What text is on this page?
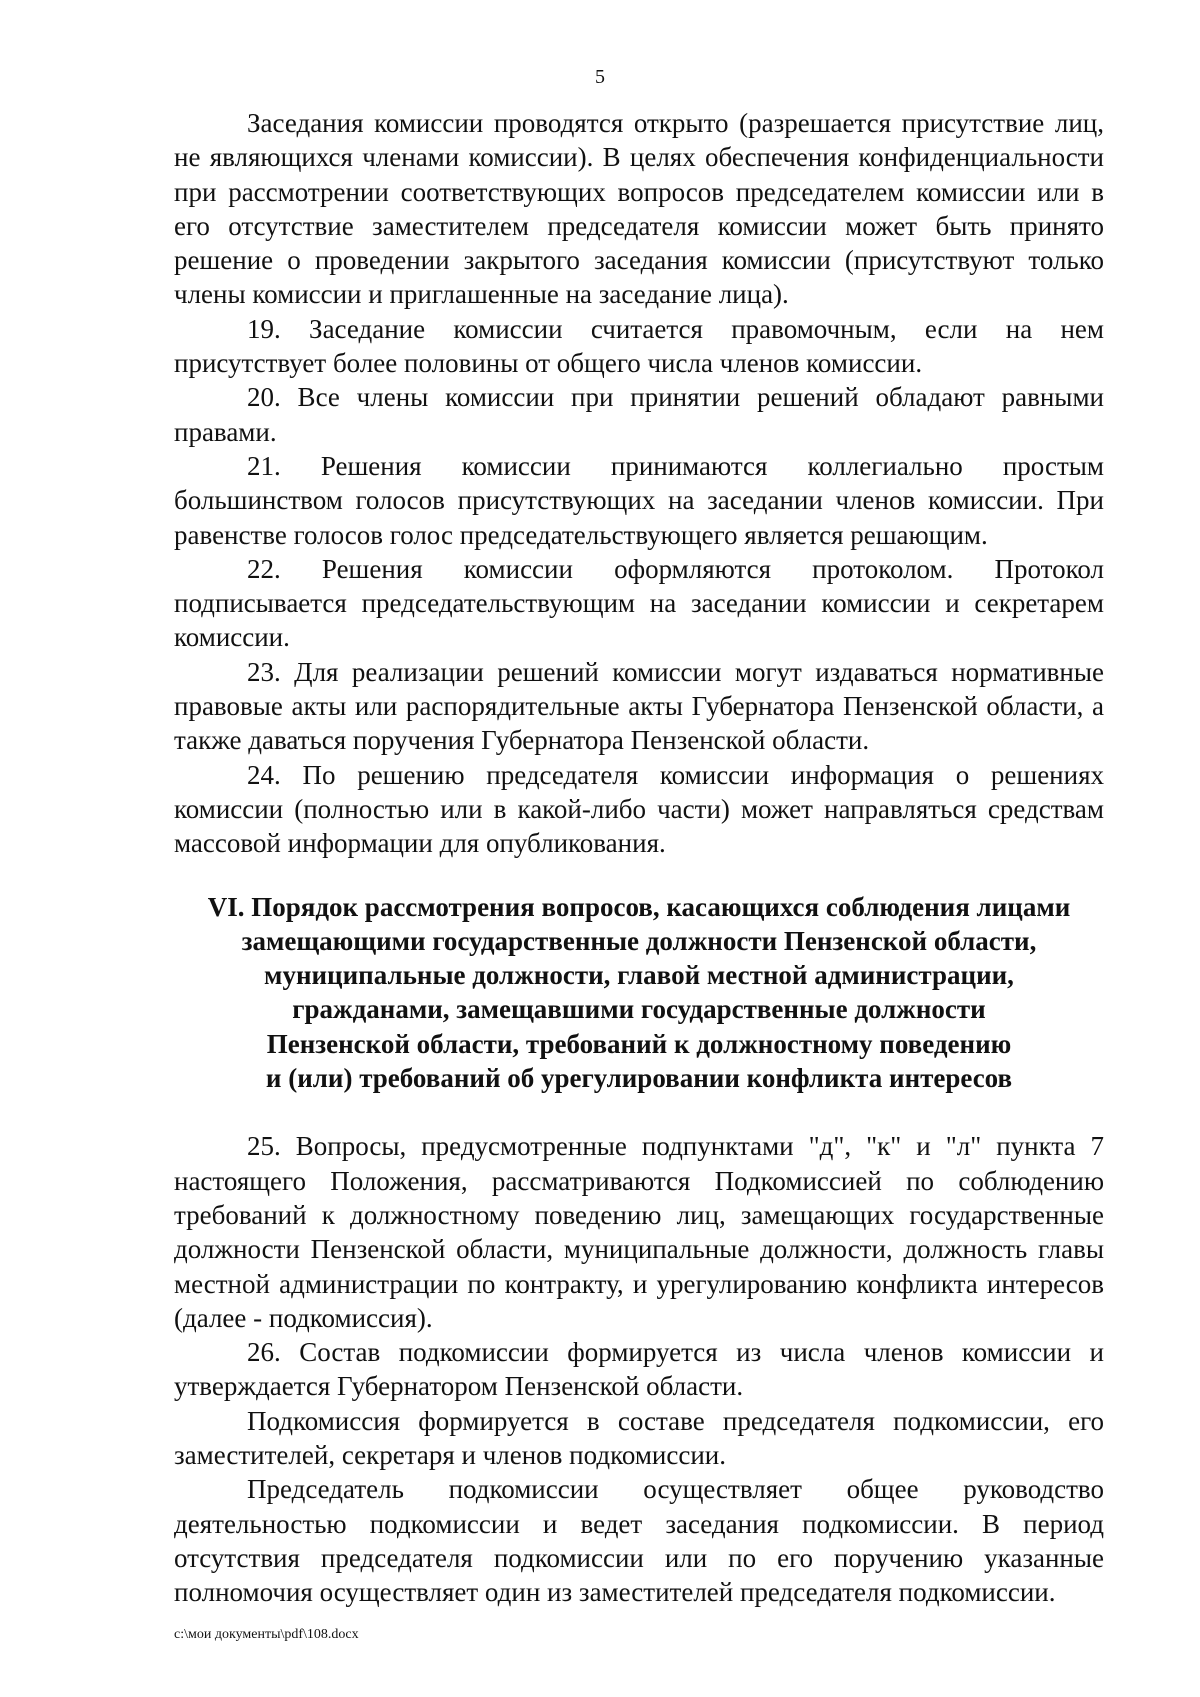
5

Заседания комиссии проводятся открыто (разрешается присутствие лиц, не являющихся членами комиссии). В целях обеспечения конфиденциальности при рассмотрении соответствующих вопросов председателем комиссии или в его отсутствие заместителем председателя комиссии может быть принято решение о проведении закрытого заседания комиссии (присутствуют только члены комиссии и приглашенные на заседание лица).

19. Заседание комиссии считается правомочным, если на нем присутствует более половины от общего числа членов комиссии.

20. Все члены комиссии при принятии решений обладают равными правами.

21. Решения комиссии принимаются коллегиально простым большинством голосов присутствующих на заседании членов комиссии. При равенстве голосов голос председательствующего является решающим.

22. Решения комиссии оформляются протоколом. Протокол подписывается председательствующим на заседании комиссии и секретарем комиссии.

23. Для реализации решений комиссии могут издаваться нормативные правовые акты или распорядительные акты Губернатора Пензенской области, а также даваться поручения Губернатора Пензенской области.

24. По решению председателя комиссии информация о решениях комиссии (полностью или в какой-либо части) может направляться средствам массовой информации для опубликования.

VI. Порядок рассмотрения вопросов, касающихся соблюдения лицами
замещающими государственные должности Пензенской области,
муниципальные должности, главой местной администрации,
гражданами, замещавшими государственные должности
Пензенской области, требований к должностному поведению
и (или) требований об урегулировании конфликта интересов

25. Вопросы, предусмотренные подпунктами "д", "к" и "л" пункта 7 настоящего Положения, рассматриваются Подкомиссией по соблюдению требований к должностному поведению лиц, замещающих государственные должности Пензенской области, муниципальные должности, должность главы местной администрации по контракту, и урегулированию конфликта интересов (далее - подкомиссия).

26. Состав подкомиссии формируется из числа членов комиссии и утверждается Губернатором Пензенской области.

Подкомиссия формируется в составе председателя подкомиссии, его заместителей, секретаря и членов подкомиссии.

Председатель подкомиссии осуществляет общее руководство деятельностью подкомиссии и ведет заседания подкомиссии. В период отсутствия председателя подкомиссии или по его поручению указанные полномочия осуществляет один из заместителей председателя подкомиссии.

c:\мои документы\pdf\108.docx
